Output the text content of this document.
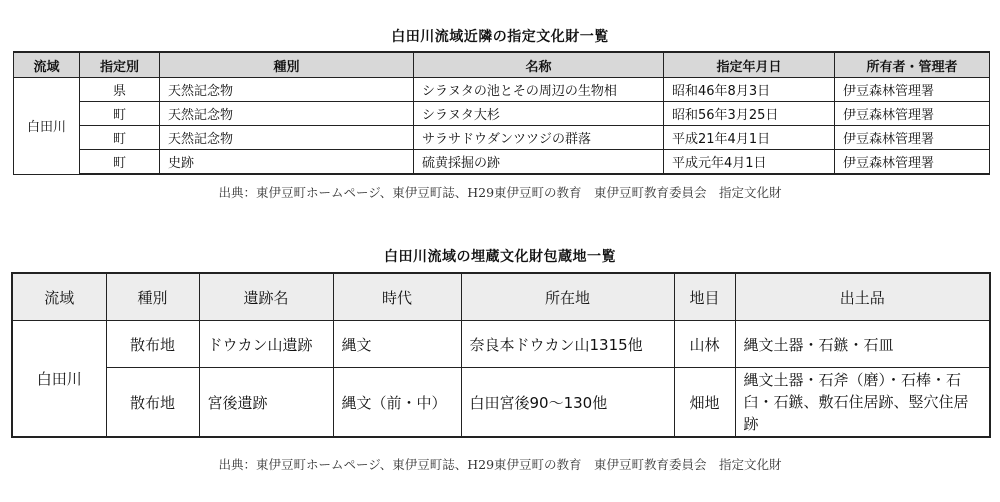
白田川流域近隣の指定文化財一覧
流域	指定別	種別	名称	指定年月日	所有者・管理者
白田川	県	天然記念物	シラヌタの池とその周辺の生物相	昭和46年8月3日	伊豆森林管理署
	町	天然記念物	シラヌタ大杉	昭和56年3月25日	伊豆森林管理署
	町	天然記念物	サラサドウダンツツジの群落	平成21年4月1日	伊豆森林管理署
	町	史跡	硫黄採掘の跡	平成元年4月1日	伊豆森林管理署
出典：東伊豆町ホームページ、東伊豆町誌、H29東伊豆町の教育　東伊豆町教育委員会　指定文化財
白田川流域の埋蔵文化財包蔵地一覧
流域	種別	遺跡名	時代	所在地	地目	出土品
白田川	散布地	ドウカン山遺跡	縄文	奈良本ドウカン山1315他	山林	縄文土器・石鏃・石皿
	散布地	宮後遺跡	縄文（前・中）	白田宮後90～130他	畑地	縄文土器・石斧（磨）・石棒・石臼・石鏃、敷石住居跡、竪穴住居跡
出典：東伊豆町ホームページ、東伊豆町誌、H29東伊豆町の教育　東伊豆町教育委員会　指定文化財
